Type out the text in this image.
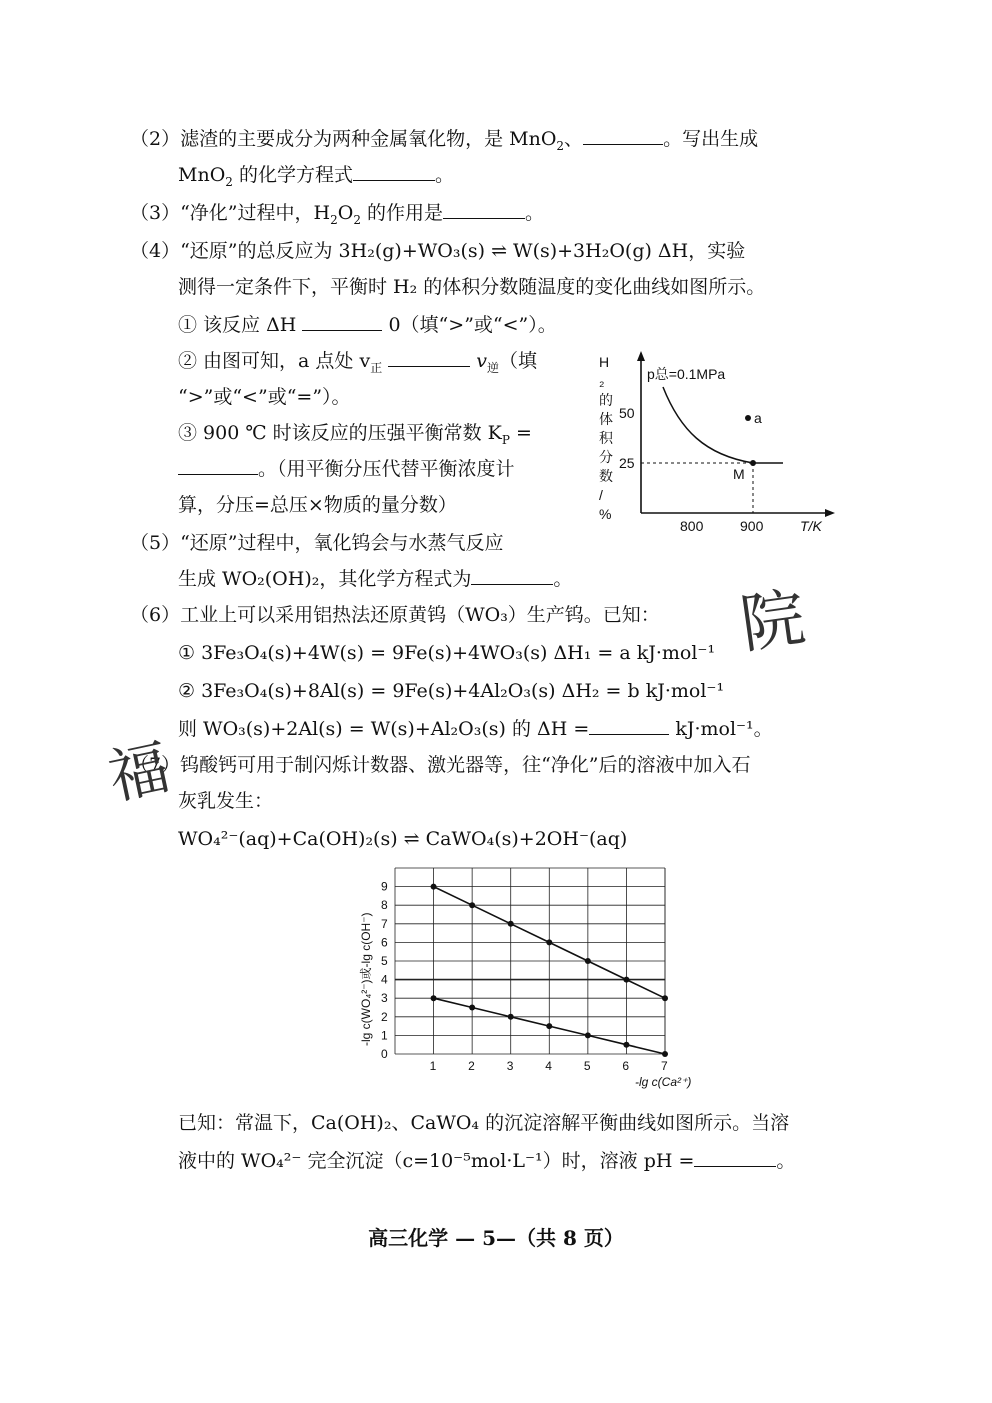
（2）滤渣的主要成分为两种金属氧化物，是 MnO$_2$、	。写出生成
MnO$_2$ 的化学方程式	。
（3）“净化”过程中，$H_2O_2$ 的作用是	。
（4）“还原”的总反应为 3H₂(g)+WO₃(s) ⇌ W(s)+3H₂O(g) ΔH，实验
测得一定条件下，平衡时 H₂ 的体积分数随温度的变化曲线如图所示。
① 该反应 ΔH	0（填“>”或“<”）。
② 由图可知，a 点处 $v_正$	$v_逆$（填
“>”或“<”或“=”）。
③ 900 ℃ 时该反应的压强平衡常数 $K_P$ =
。（用平衡分压代替平衡浓度计
算，分压=总压×物质的量分数）
H
₂
的
体
积
分
数
/
%
p总=0.1MPa
50
25
800	900	T/K
a
M
（5）“还原”过程中，氧化钨会与水蒸气反应
生成 WO₂(OH)₂，其化学方程式为	。
（6）工业上可以采用铝热法还原黄钨（WO₃）生产钨。已知：
① 3Fe₃O₄(s)+4W(s) = 9Fe(s)+4WO₃(s) ΔH₁ = a kJ·mol⁻¹
② 3Fe₃O₄(s)+8Al(s) = 9Fe(s)+4Al₂O₃(s) ΔH₂ = b kJ·mol⁻¹
则 WO₃(s)+2Al(s) = W(s)+Al₂O₃(s) 的 ΔH =	kJ·mol⁻¹。
（7）钨酸钙可用于制闪烁计数器、激光器等，往“净化”后的溶液中加入石
灰乳发生：
WO₄²⁻(aq)+Ca(OH)₂(s) ⇌ CaWO₄(s)+2OH⁻(aq)
0
1
2
3
4
5
6
7
8
9
1	2	3	4	5	6	7
-lg c(Ca²⁺)
-lg c(WO₄²⁻)或-lg c(OH⁻)
已知：常温下，Ca(OH)₂、CaWO₄ 的沉淀溶解平衡曲线如图所示。当溶
液中的 WO₄²⁻ 完全沉淀（c=10⁻⁵mol·L⁻¹）时，溶液 pH =	。
高三化学 — 5—（共 8 页）
院
福
